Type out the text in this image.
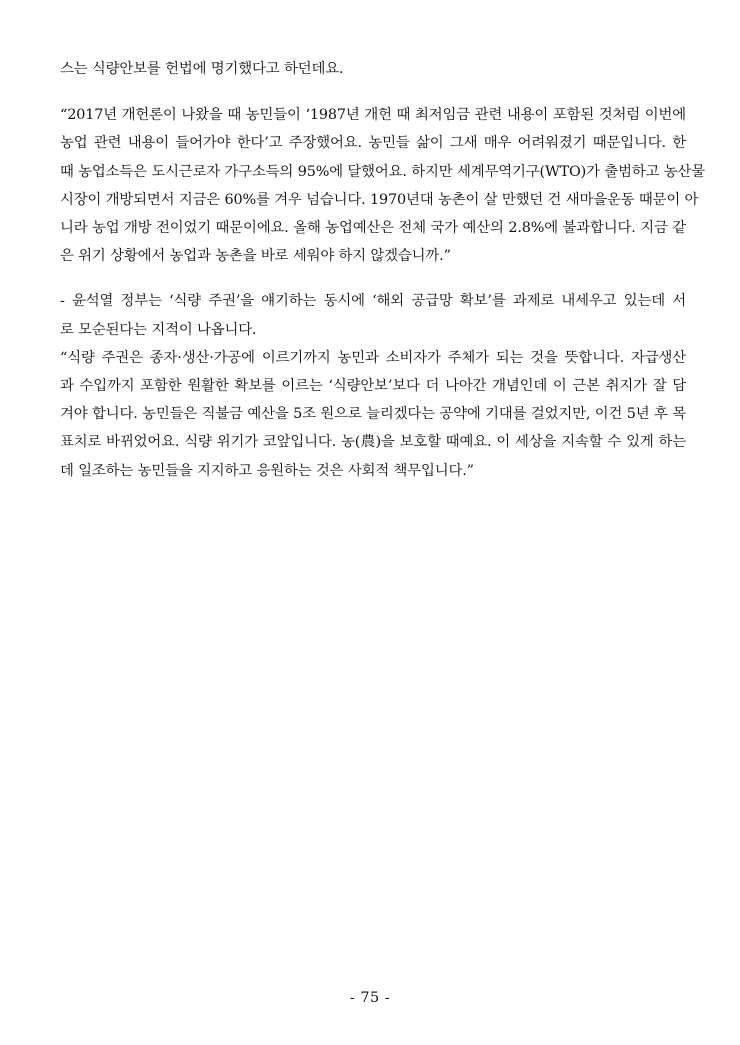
스는 식량안보를 헌법에 명기했다고 하던데요.
“2017년 개헌론이 나왔을 때 농민들이 ‘1987년 개헌 때 최저임금 관련 내용이 포함된 것처럼 이번에
농업 관련 내용이 들어가야 한다’고 주장했어요. 농민들 삶이 그새 매우 어려워졌기 때문입니다. 한
때 농업소득은 도시근로자 가구소득의 95%에 달했어요. 하지만 세계무역기구(WTO)가 출범하고 농산물
시장이 개방되면서 지금은 60%를 겨우 넘습니다. 1970년대 농촌이 살 만했던 건 새마을운동 때문이 아
니라 농업 개방 전이었기 때문이에요. 올해 농업예산은 전체 국가 예산의 2.8%에 불과합니다. 지금 같
은 위기 상황에서 농업과 농촌을 바로 세워야 하지 않겠습니까.”
- 윤석열 정부는 ‘식량 주권’을 얘기하는 동시에 ‘해외 공급망 확보’를 과제로 내세우고 있는데 서
로 모순된다는 지적이 나옵니다.
“식량 주권은 종자·생산·가공에 이르기까지 농민과 소비자가 주체가 되는 것을 뜻합니다. 자급생산
과 수입까지 포함한 원활한 확보를 이르는 ‘식량안보’보다 더 나아간 개념인데 이 근본 취지가 잘 담
겨야 합니다. 농민들은 직불금 예산을 5조 원으로 늘리겠다는 공약에 기대를 걸었지만, 이건 5년 후 목
표치로 바뀌었어요. 식량 위기가 코앞입니다. 농(農)을 보호할 때예요. 이 세상을 지속할 수 있게 하는
데 일조하는 농민들을 지지하고 응원하는 것은 사회적 책무입니다.”
- 75 -
